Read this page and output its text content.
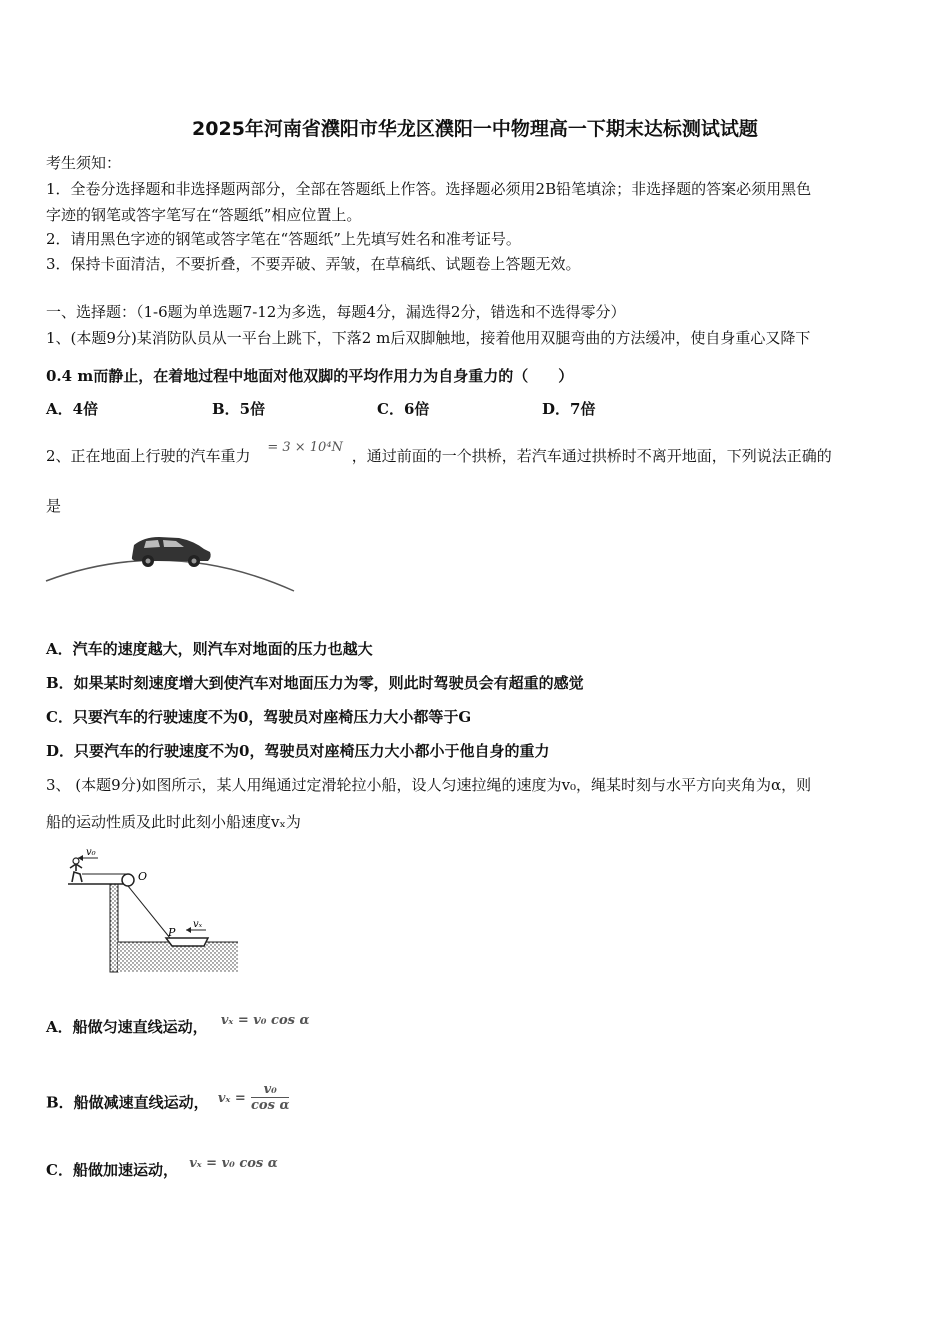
2025年河南省濮阳市华龙区濮阳一中物理高一下期末达标测试试题
考生须知：
1．全卷分选择题和非选择题两部分，全部在答题纸上作答。选择题必须用2B铅笔填涂；非选择题的答案必须用黑色
字迹的钢笔或答字笔写在“答题纸”相应位置上。
2．请用黑色字迹的钢笔或答字笔在“答题纸”上先填写姓名和准考证号。
3．保持卡面清洁，不要折叠，不要弄破、弄皱，在草稿纸、试题卷上答题无效。
一、选择题：（1-6题为单选题7-12为多选，每题4分，漏选得2分，错选和不选得零分）
1、(本题9分)某消防队员从一平台上跳下，下落2 m后双脚触地，接着他用双腿弯曲的方法缓冲，使自身重心又降下
0.4 m而静止，在着地过程中地面对他双脚的平均作用力为自身重力的（　　）
A．4倍	B．5倍	C．6倍	D．7倍
2、正在地面上行驶的汽车重力 = 3 × 10⁴N ，通过前面的一个拱桥，若汽车通过拱桥时不离开地面，下列说法正确的
是
A．汽车的速度越大，则汽车对地面的压力也越大
B．如果某时刻速度增大到使汽车对地面压力为零，则此时驾驶员会有超重的感觉
C．只要汽车的行驶速度不为0，驾驶员对座椅压力大小都等于G
D．只要汽车的行驶速度不为0，驾驶员对座椅压力大小都小于他自身的重力
3、 (本题9分)如图所示，某人用绳通过定滑轮拉小船，设人匀速拉绳的速度为v₀，绳某时刻与水平方向夹角为α，则
船的运动性质及此时此刻小船速度vₓ为
v₀
O
P
vₓ
A．船做匀速直线运动， vₓ = v₀ cos α
B．船做减速直线运动， $v_x = \frac{\text{v₀}}{\text{cos α}}$
C．船做加速运动， vₓ = v₀ cos α
